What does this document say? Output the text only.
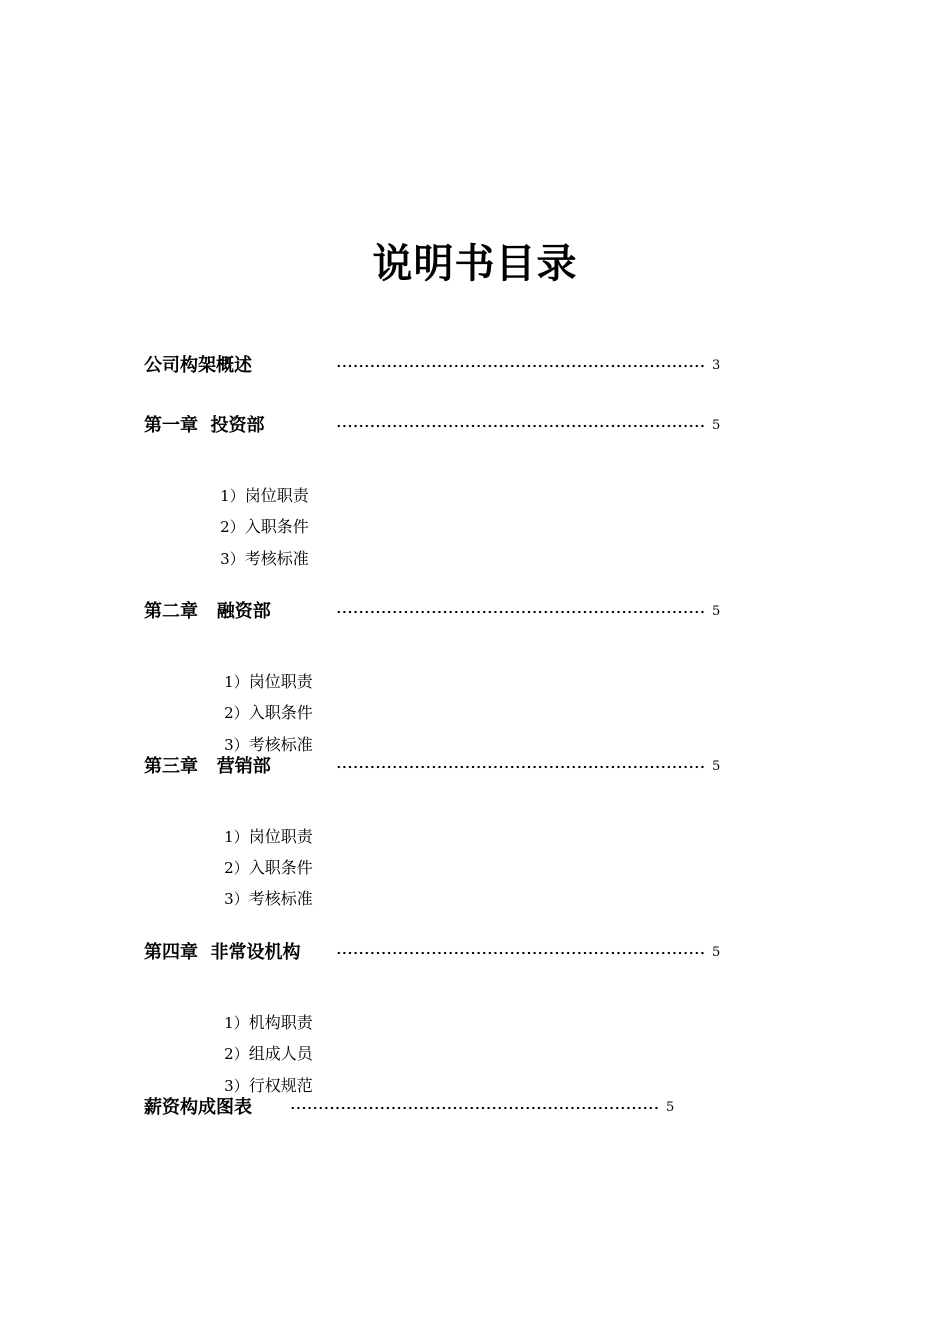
说明书目录
公司构架概述	3
第一章  投资部	5

1）岗位职责

2）入职条件

3）考核标准

第二章   融资部	5

1）岗位职责

2）入职条件

3）考核标准

第三章   营销部	5

1）岗位职责

2）入职条件

3）考核标准

第四章  非常设机构	5

1）机构职责

2）组成人员

3）行权规范

薪资构成图表	5
